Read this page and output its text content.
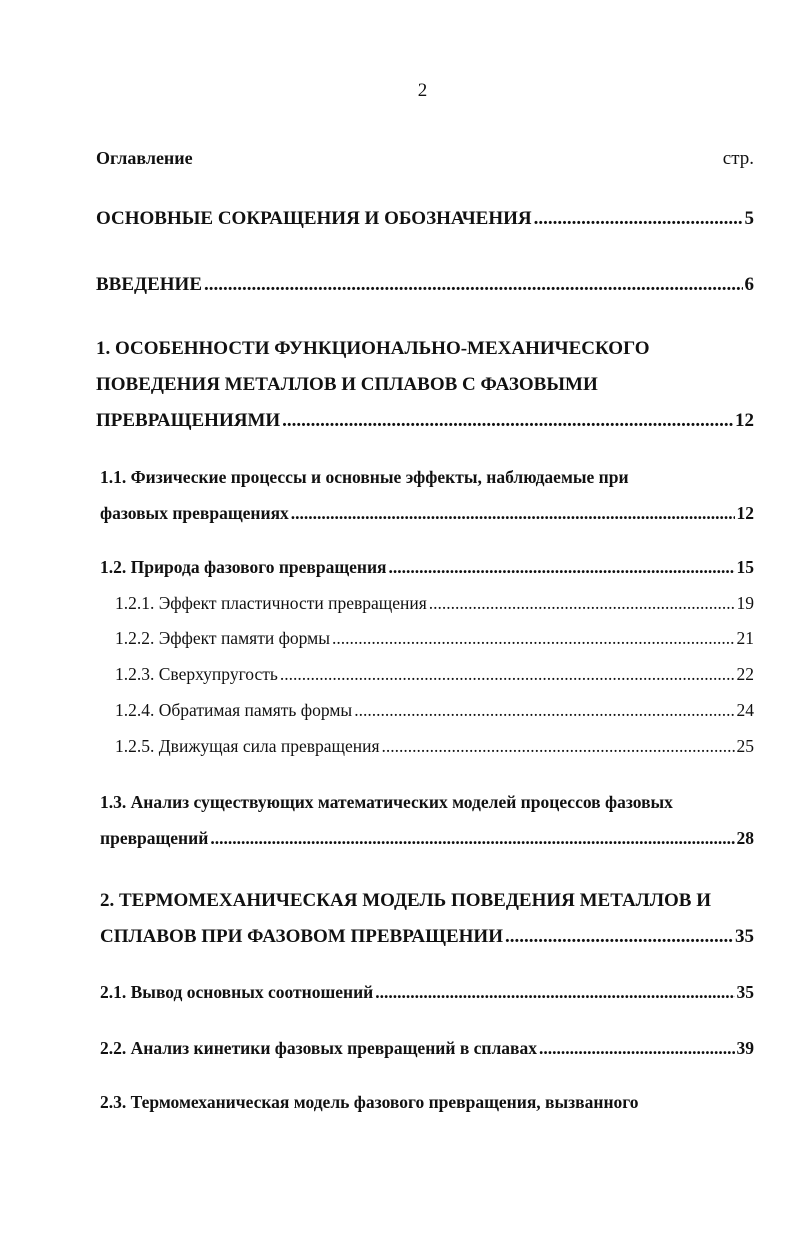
2
Оглавление	стр.
ОСНОВНЫЕ СОКРАЩЕНИЯ И ОБОЗНАЧЕНИЯ .....	5
ВВЕДЕНИЕ .....	6
1. ОСОБЕННОСТИ ФУНКЦИОНАЛЬНО-МЕХАНИЧЕСКОГО
ПОВЕДЕНИЯ МЕТАЛЛОВ И СПЛАВОВ С ФАЗОВЫМИ
ПРЕВРАЩЕНИЯМИ .....	12
1.1. Физические процессы и основные эффекты, наблюдаемые при
фазовых превращениях .....	12
1.2. Природа фазового превращения .....	15
1.2.1. Эффект пластичности превращения .....	19
1.2.2. Эффект памяти формы .....	21
1.2.3. Сверхупругость .....	22
1.2.4. Обратимая память формы .....	24
1.2.5. Движущая сила превращения .....	25
1.3. Анализ существующих математических моделей процессов фазовых
превращений .....	28
2. ТЕРМОМЕХАНИЧЕСКАЯ МОДЕЛЬ ПОВЕДЕНИЯ МЕТАЛЛОВ И
СПЛАВОВ ПРИ ФАЗОВОМ ПРЕВРАЩЕНИИ .....	35
2.1. Вывод основных соотношений .....	35
2.2. Анализ кинетики фазовых превращений в сплавах .....	39
2.3. Термомеханическая модель фазового превращения, вызванного
